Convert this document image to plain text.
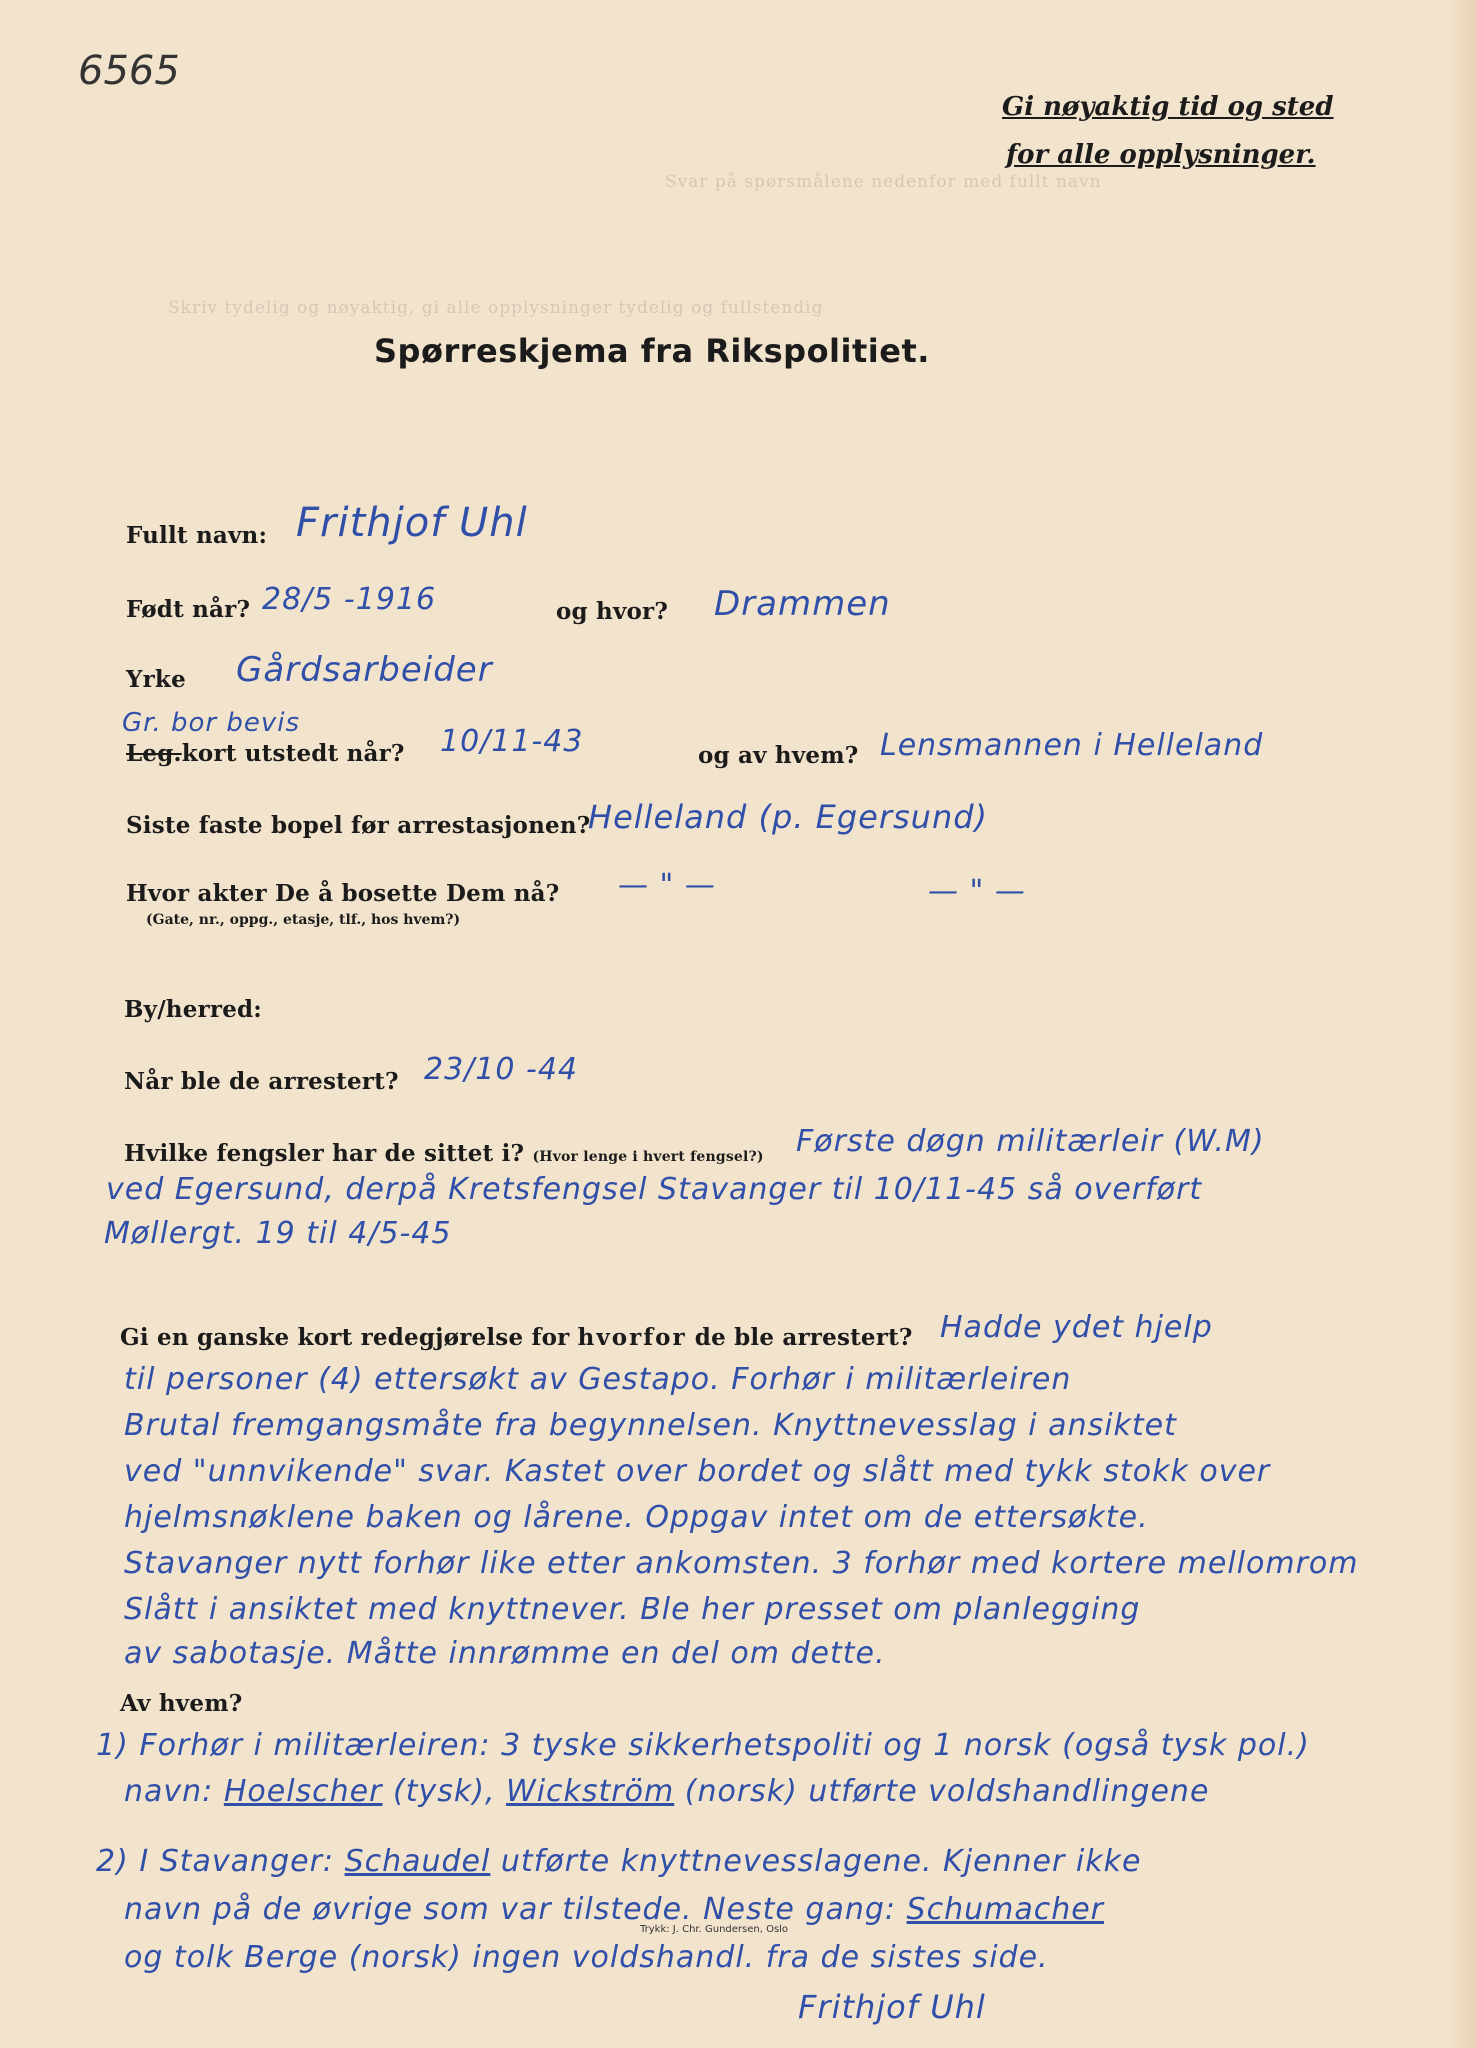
6565
Gi nøyaktig tid og sted
for alle opplysninger.
Svar på spørsmålene nedenfor med fullt navn
Skriv tydelig og nøyaktig, gi alle opplysninger tydelig og fullstendig
Spørreskjema fra Rikspolitiet.
Fullt navn: Frithjof Uhl
Født når? 28/5 -1916	og hvor? Drammen
Yrke Gårdsarbeider
Gr. bor bevis
Leg.kort utstedt når? 10/11-43	og av hvem? Lensmannen i Helleland
Siste faste bopel før arrestasjonen?
Helleland (p. Egersund)
Hvor akter De å bosette Dem nå?
(Gate, nr., oppg., etasje, tlf., hos hvem?)
— " —	— " —
By/herred:
Når ble de arrestert? 23/10 -44
Hvilke fengsler har de sittet i? (Hvor lenge i hvert fengsel?) Første døgn militærleir (W.M)
ved Egersund, derpå Kretsfengsel Stavanger til 10/11-45 så overført
Møllergt. 19 til 4/5-45
Gi en ganske kort redegjørelse for hvorfor de ble arrestert? Hadde ydet hjelp
til personer (4) ettersøkt av Gestapo. Forhør i militærleiren
Brutal fremgangsmåte fra begynnelsen. Knyttnevesslag i ansiktet
ved "unnvikende" svar. Kastet over bordet og slått med tykk stokk over
hjelmsnøklene baken og lårene. Oppgav intet om de ettersøkte.
Stavanger nytt forhør like etter ankomsten. 3 forhør med kortere mellomrom
Slått i ansiktet med knyttnever. Ble her presset om planlegging
av sabotasje. Måtte innrømme en del om dette.
Av hvem?
1) Forhør i militærleiren: 3 tyske sikkerhetspoliti og 1 norsk (også tysk pol.)
navn: Hoelscher (tysk), Wickström (norsk) utførte voldshandlingene
2) I Stavanger: Schaudel utførte knyttnevesslagene. Kjenner ikke
navn på de øvrige som var tilstede. Neste gang: Schumacher
og tolk Berge (norsk) ingen voldshandl. fra de sistes side.
Trykk: J. Chr. Gundersen, Oslo
Frithjof Uhl
